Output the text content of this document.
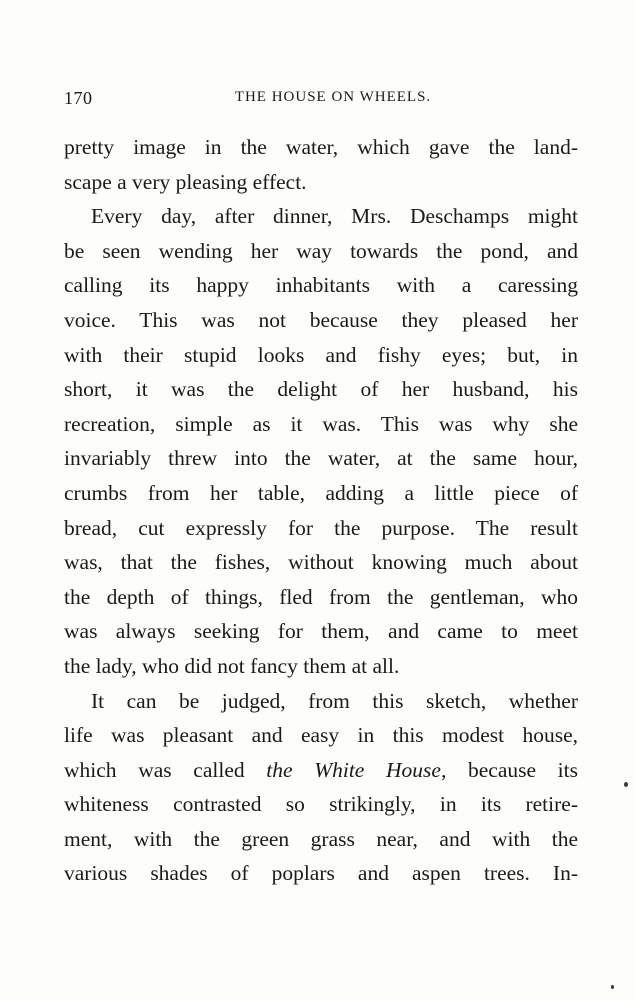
170	THE HOUSE ON WHEELS.
pretty image in the water, which gave the land-
scape a very pleasing effect.
Every day, after dinner, Mrs. Deschamps might
be seen wending her way towards the pond, and
calling its happy inhabitants with a caressing
voice. This was not because they pleased her
with their stupid looks and fishy eyes; but, in
short, it was the delight of her husband, his
recreation, simple as it was. This was why she
invariably threw into the water, at the same hour,
crumbs from her table, adding a little piece of
bread, cut expressly for the purpose. The result
was, that the fishes, without knowing much about
the depth of things, fled from the gentleman, who
was always seeking for them, and came to meet
the lady, who did not fancy them at all.
It can be judged, from this sketch, whether
life was pleasant and easy in this modest house,
which was called the White House, because its
whiteness contrasted so strikingly, in its retire-
ment, with the green grass near, and with the
various shades of poplars and aspen trees. In-
